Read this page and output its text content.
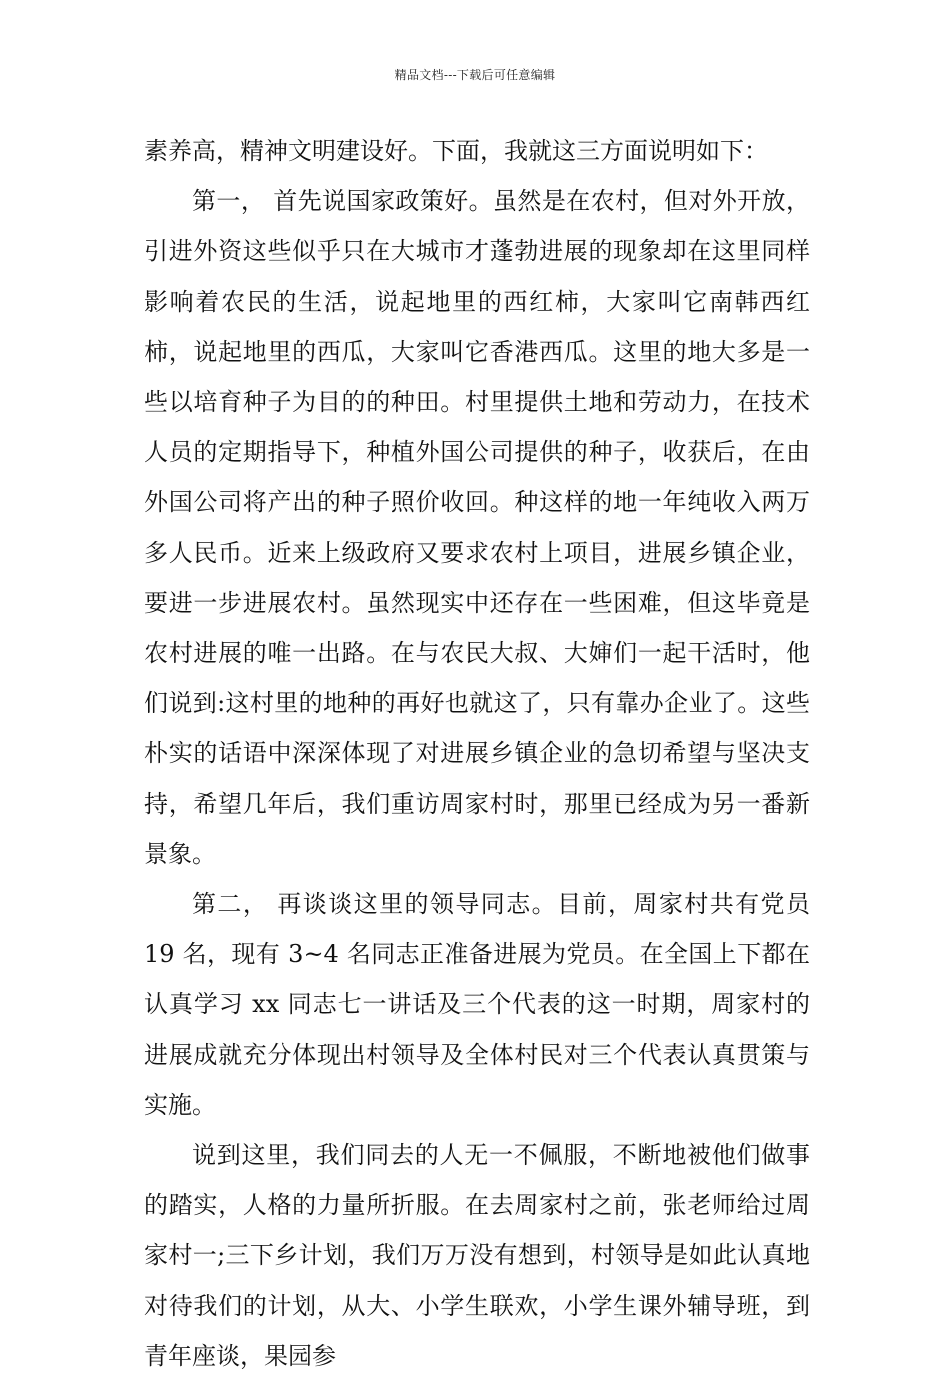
精品文档---下载后可任意编辑

素养高，精神文明建设好。下面，我就这三方面说明如下：

第一， 首先说国家政策好。虽然是在农村，但对外开放，引进外资这些似乎只在大城市才蓬勃进展的现象却在这里同样影响着农民的生活，说起地里的西红柿，大家叫它南韩西红柿，说起地里的西瓜，大家叫它香港西瓜。这里的地大多是一些以培育种子为目的的种田。村里提供土地和劳动力，在技术人员的定期指导下，种植外国公司提供的种子，收获后，在由外国公司将产出的种子照价收回。种这样的地一年纯收入两万多人民币。近来上级政府又要求农村上项目，进展乡镇企业，要进一步进展农村。虽然现实中还存在一些困难，但这毕竟是农村进展的唯一出路。在与农民大叔、大婶们一起干活时，他们说到:这村里的地种的再好也就这了，只有靠办企业了。这些朴实的话语中深深体现了对进展乡镇企业的急切希望与坚决支持，希望几年后，我们重访周家村时，那里已经成为另一番新景象。

第二， 再谈谈这里的领导同志。目前，周家村共有党员 19 名，现有 3~4 名同志正准备进展为党员。在全国上下都在认真学习 xx 同志七一讲话及三个代表的这一时期，周家村的进展成就充分体现出村领导及全体村民对三个代表认真贯策与实施。

说到这里，我们同去的人无一不佩服，不断地被他们做事的踏实，人格的力量所折服。在去周家村之前，张老师给过周家村一;三下乡计划，我们万万没有想到，村领导是如此认真地对待我们的计划，从大、小学生联欢，小学生课外辅导班，到青年座谈，果园参
